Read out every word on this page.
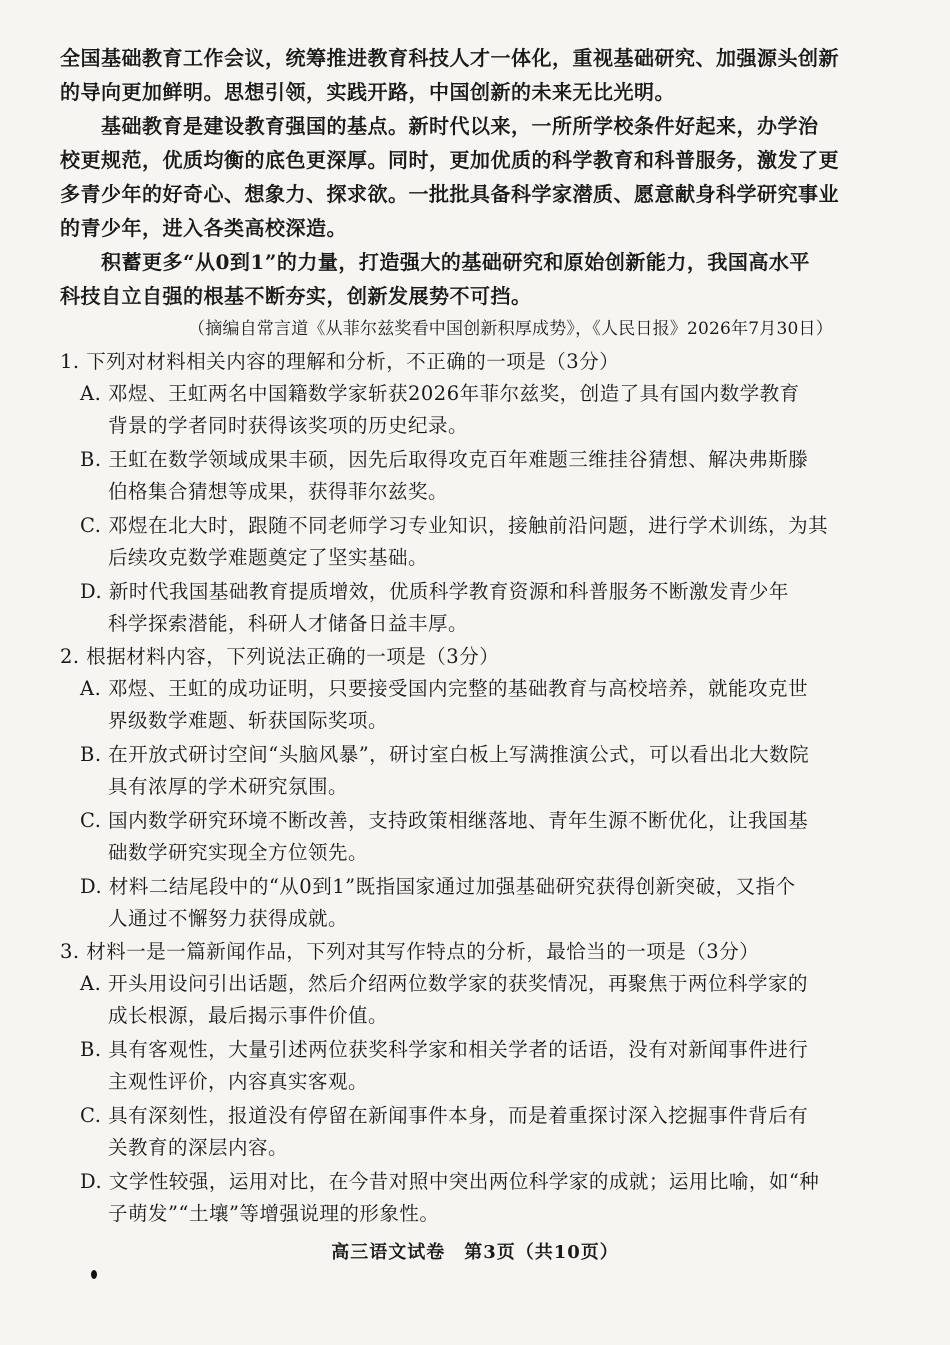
全国基础教育工作会议，统筹推进教育科技人才一体化，重视基础研究、加强源头创新
的导向更加鲜明。思想引领，实践开路，中国创新的未来无比光明。
基础教育是建设教育强国的基点。新时代以来，一所所学校条件好起来，办学治
校更规范，优质均衡的底色更深厚。同时，更加优质的科学教育和科普服务，激发了更
多青少年的好奇心、想象力、探求欲。一批批具备科学家潜质、愿意献身科学研究事业
的青少年，进入各类高校深造。
积蓄更多“从0到1”的力量，打造强大的基础研究和原始创新能力，我国高水平
科技自立自强的根基不断夯实，创新发展势不可挡。
（摘编自常言道《从菲尔兹奖看中国创新积厚成势》，《人民日报》2026年7月30日）
1. 下列对材料相关内容的理解和分析，不正确的一项是（3分）
A. 邓煜、王虹两名中国籍数学家斩获2026年菲尔兹奖，创造了具有国内数学教育
背景的学者同时获得该奖项的历史纪录。
B. 王虹在数学领域成果丰硕，因先后取得攻克百年难题三维挂谷猜想、解决弗斯滕
伯格集合猜想等成果，获得菲尔兹奖。
C. 邓煜在北大时，跟随不同老师学习专业知识，接触前沿问题，进行学术训练，为其
后续攻克数学难题奠定了坚实基础。
D. 新时代我国基础教育提质增效，优质科学教育资源和科普服务不断激发青少年
科学探索潜能，科研人才储备日益丰厚。
2. 根据材料内容，下列说法正确的一项是（3分）
A. 邓煜、王虹的成功证明，只要接受国内完整的基础教育与高校培养，就能攻克世
界级数学难题、斩获国际奖项。
B. 在开放式研讨空间“头脑风暴”，研讨室白板上写满推演公式，可以看出北大数院
具有浓厚的学术研究氛围。
C. 国内数学研究环境不断改善，支持政策相继落地、青年生源不断优化，让我国基
础数学研究实现全方位领先。
D. 材料二结尾段中的“从0到1”既指国家通过加强基础研究获得创新突破，又指个
人通过不懈努力获得成就。
3. 材料一是一篇新闻作品，下列对其写作特点的分析，最恰当的一项是（3分）
A. 开头用设问引出话题，然后介绍两位数学家的获奖情况，再聚焦于两位科学家的
成长根源，最后揭示事件价值。
B. 具有客观性，大量引述两位获奖科学家和相关学者的话语，没有对新闻事件进行
主观性评价，内容真实客观。
C. 具有深刻性，报道没有停留在新闻事件本身，而是着重探讨深入挖掘事件背后有
关教育的深层内容。
D. 文学性较强，运用对比，在今昔对照中突出两位科学家的成就；运用比喻，如“种
子萌发”“土壤”等增强说理的形象性。
高三语文试卷　第3页（共10页）
